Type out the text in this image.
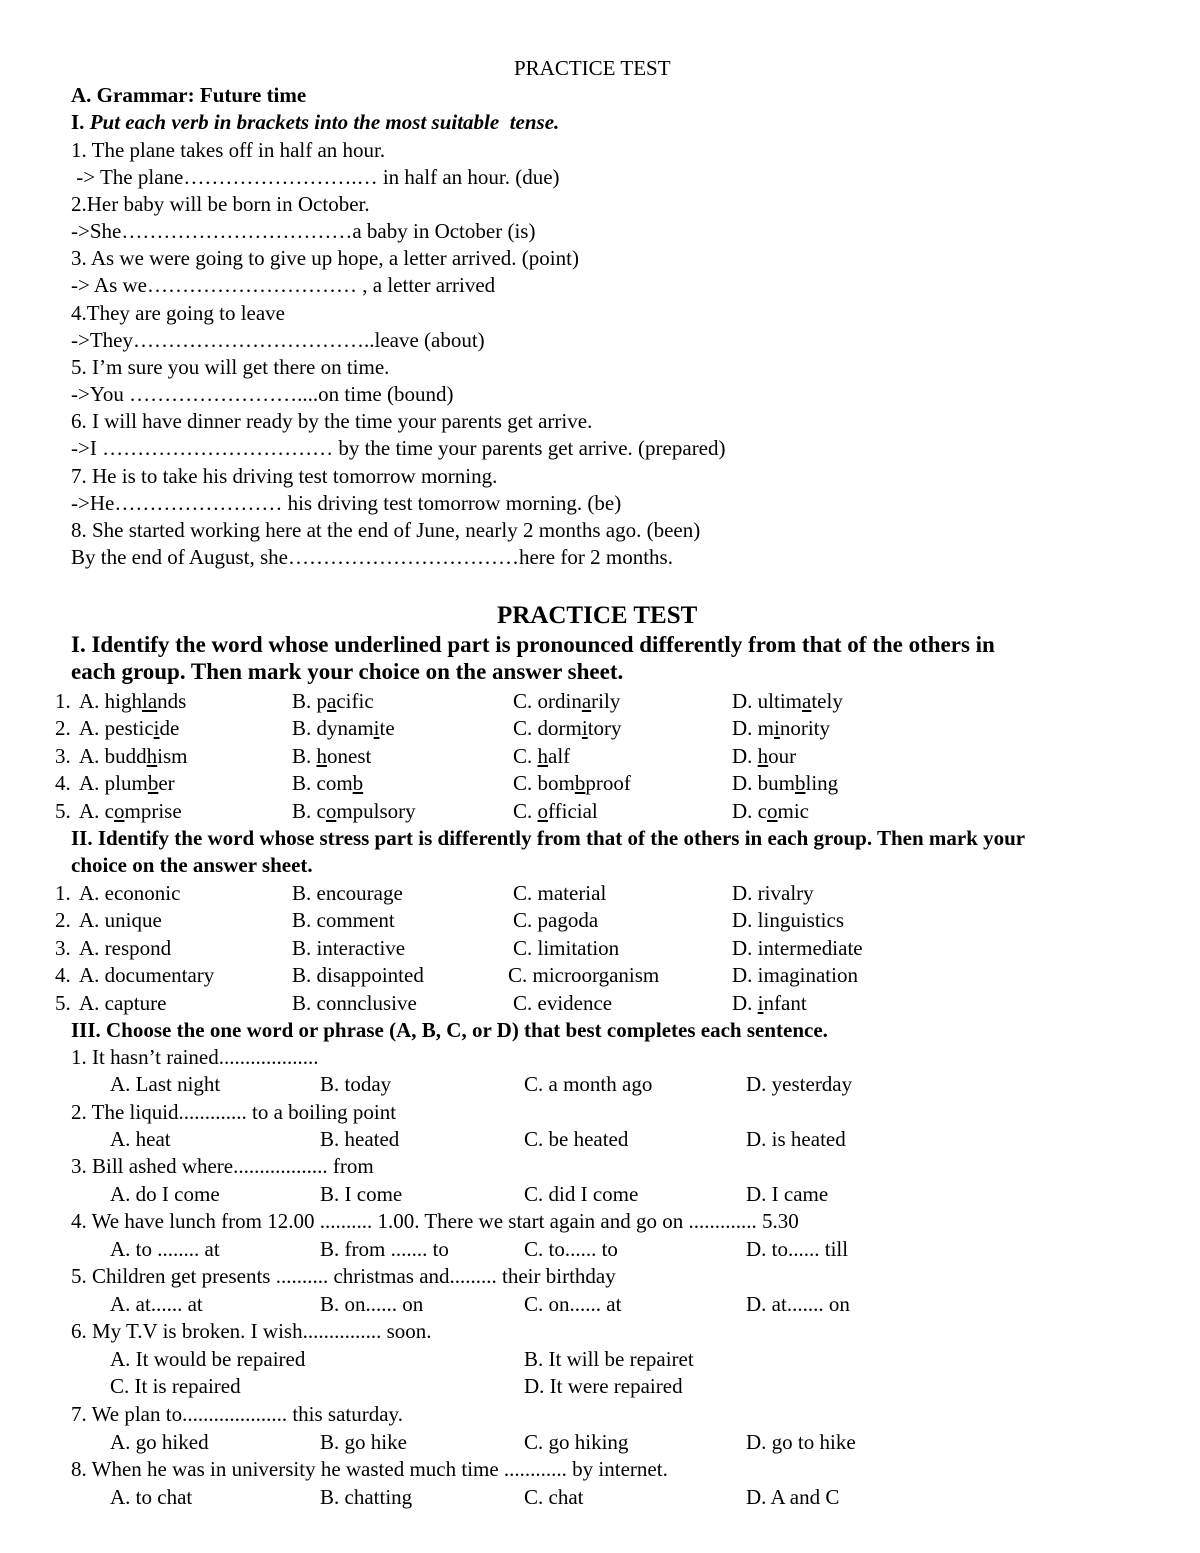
PRACTICE TEST
A. Grammar: Future time
I. Put each verb in brackets into the most suitable  tense.
1. The plane takes off in half an hour.
-> The plane…………………….… in half an hour. (due)
2.Her baby will be born in October.
->She……………………………a baby in October (is)
3. As we were going to give up hope, a letter arrived. (point)
-> As we………………………… , a letter arrived
4.They are going to leave
->They……………………………..leave (about)
5. I’m sure you will get there on time.
->You ……………………....on time (bound)
6. I will have dinner ready by the time your parents get arrive.
->I …………………………… by the time your parents get arrive. (prepared)
7. He is to take his driving test tomorrow morning.
->He…………………… his driving test tomorrow morning. (be)
8. She started working here at the end of June, nearly 2 months ago. (been)
By the end of August, she……………………………here for 2 months.
PRACTICE TEST
I. Identify the word whose underlined part is pronounced differently from that of the others in
each group. Then mark your choice on the answer sheet.
1. A. highlands	B. pacific	C. ordinarily	D. ultimately
2. A. pesticide	B. dynamite	C. dormitory	D. minority
3. A. buddhism	B. honest	C. half	D. hour
4. A. plumber	B. comb	C. bombproof	D. bumbling
5. A. comprise	B. compulsory	C. official	D. comic
II. Identify the word whose stress part is differently from that of the others in each group. Then mark your
choice on the answer sheet.
1. A. econonic	B. encourage	C. material	D. rivalry
2. A. unique	B. comment	C. pagoda	D. linguistics
3. A. respond	B. interactive	C. limitation	D. intermediate
4. A. documentary	B. disappointed	C. microorganism	D. imagination
5. A. capture	B. connclusive	C. evidence	D. infant
III. Choose the one word or phrase (A, B, C, or D) that best completes each sentence.
1. It hasn’t rained...................
A. Last night	B. today	C. a month ago	D. yesterday
2. The liquid............. to a boiling point
A. heat	B. heated	C. be heated	D. is heated
3. Bill ashed where.................. from
A. do I come	B. I come	C. did I come	D. I came
4. We have lunch from 12.00 .......... 1.00. There we start again and go on ............. 5.30
A. to ........ at	B. from ....... to	C. to...... to	D. to...... till
5. Children get presents .......... christmas and......... their birthday
A. at...... at	B. on...... on	C. on...... at	D. at....... on
6. My T.V is broken. I wish............... soon.
A. It would be repaired	B. It will be repairet
C. It is repaired	D. It were repaired
7. We plan to.................... this saturday.
A. go hiked	B. go hike	C. go hiking	D. go to hike
8. When he was in university he wasted much time ............ by internet.
A. to chat	B. chatting	C. chat	D. A and C
